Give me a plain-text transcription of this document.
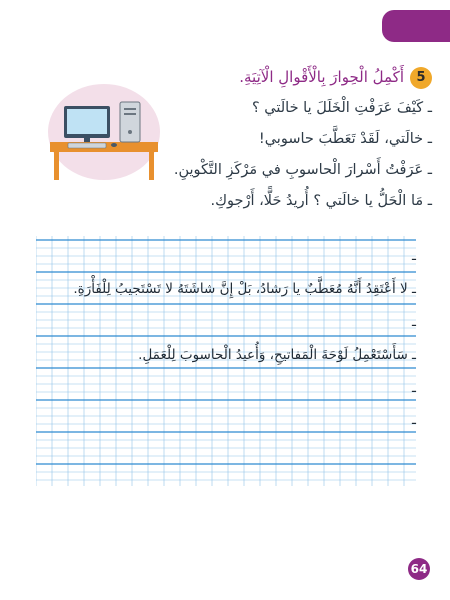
5
أَكْمِلُ الْحِوارَ بِالْأَقْوالِ الْآتِيَةِ.
ـ كَيْفَ عَرَفْتِ الْخَلَلَ يا خالَتي ؟
ـ خالَتي، لَقَدْ تَعَطَّبَ حاسوبي!
ـ عَرَفْتُ أَسْرارَ الْحاسوبِ في مَرْكَزِ التَّكْوينِ.
ـ مَا الْحَلُّ يا خالَتي ؟ أُريدُ حَلًّا، أَرْجوكِ.
ـ لا أَعْتَقِدُ أَنَّهُ مُعَطَّبٌ يا رَشادُ، بَلْ إِنَّ شاشَتَهُ لا تَسْتَجيبُ لِلْفَأْرَةِ.
ـ سَأَسْتَعْمِلُ لَوْحَةَ الْمَفاتيحِ، وَأُعيدُ الْحاسوبَ لِلْعَمَلِ.
ـ
ـ
ـ
ـ
64
